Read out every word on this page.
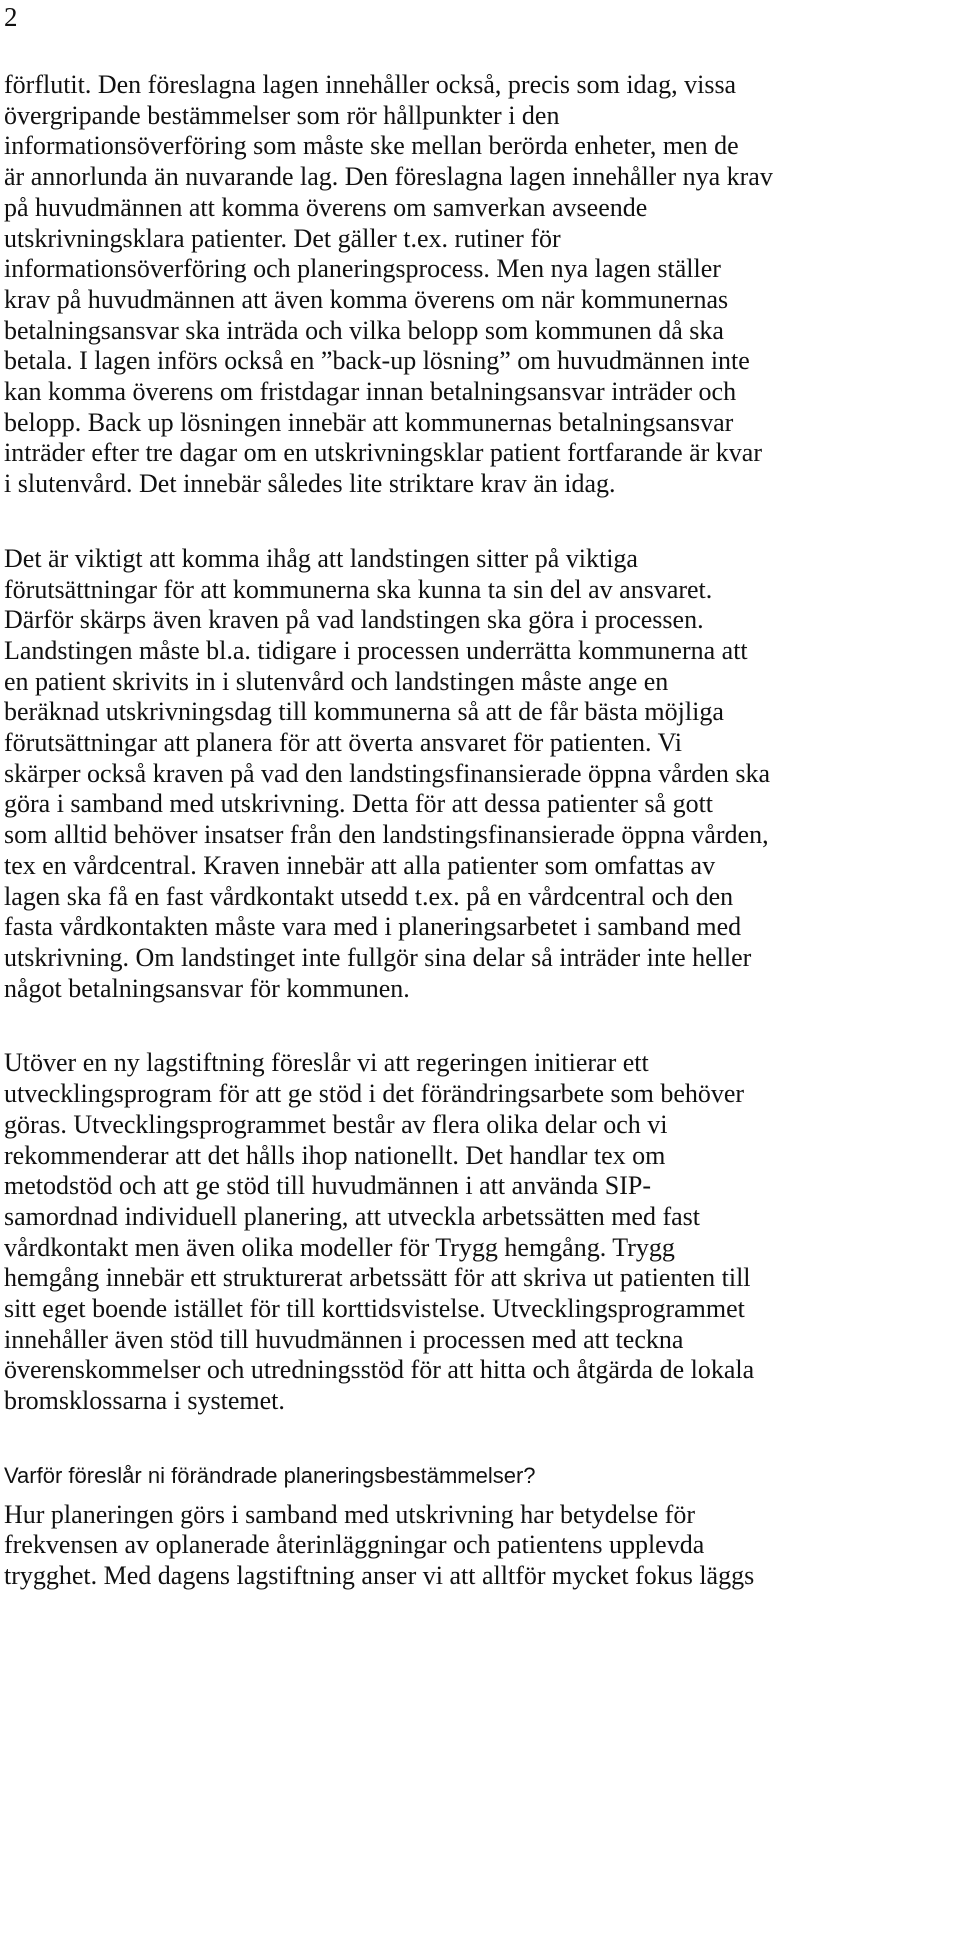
2
förflutit. Den föreslagna lagen innehåller också, precis som idag, vissa
övergripande bestämmelser som rör hållpunkter i den
informationsöverföring som måste ske mellan berörda enheter, men de
är annorlunda än nuvarande lag. Den föreslagna lagen innehåller nya krav
på huvudmännen att komma överens om samverkan avseende
utskrivningsklara patienter. Det gäller t.ex. rutiner för
informationsöverföring och planeringsprocess. Men nya lagen ställer
krav på huvudmännen att även komma överens om när kommunernas
betalningsansvar ska inträda och vilka belopp som kommunen då ska
betala. I lagen införs också en ”back-up lösning” om huvudmännen inte
kan komma överens om fristdagar innan betalningsansvar inträder och
belopp. Back up lösningen innebär att kommunernas betalningsansvar
inträder efter tre dagar om en utskrivningsklar patient fortfarande är kvar
i slutenvård. Det innebär således lite striktare krav än idag.
Det är viktigt att komma ihåg att landstingen sitter på viktiga
förutsättningar för att kommunerna ska kunna ta sin del av ansvaret.
Därför skärps även kraven på vad landstingen ska göra i processen.
Landstingen måste bl.a. tidigare i processen underrätta kommunerna att
en patient skrivits in i slutenvård och landstingen måste ange en
beräknad utskrivningsdag till kommunerna så att de får bästa möjliga
förutsättningar att planera för att överta ansvaret för patienten. Vi
skärper också kraven på vad den landstingsfinansierade öppna vården ska
göra i samband med utskrivning. Detta för att dessa patienter så gott
som alltid behöver insatser från den landstingsfinansierade öppna vården,
tex en vårdcentral. Kraven innebär att alla patienter som omfattas av
lagen ska få en fast vårdkontakt utsedd t.ex. på en vårdcentral och den
fasta vårdkontakten måste vara med i planeringsarbetet i samband med
utskrivning. Om landstinget inte fullgör sina delar så inträder inte heller
något betalningsansvar för kommunen.
Utöver en ny lagstiftning föreslår vi att regeringen initierar ett
utvecklingsprogram för att ge stöd i det förändringsarbete som behöver
göras. Utvecklingsprogrammet består av flera olika delar och vi
rekommenderar att det hålls ihop nationellt. Det handlar tex om
metodstöd och att ge stöd till huvudmännen i att använda SIP-
samordnad individuell planering, att utveckla arbetssätten med fast
vårdkontakt men även olika modeller för Trygg hemgång. Trygg
hemgång innebär ett strukturerat arbetssätt för att skriva ut patienten till
sitt eget boende istället för till korttidsvistelse. Utvecklingsprogrammet
innehåller även stöd till huvudmännen i processen med att teckna
överenskommelser och utredningsstöd för att hitta och åtgärda de lokala
bromsklossarna i systemet.
Varför föreslår ni förändrade planeringsbestämmelser?
Hur planeringen görs i samband med utskrivning har betydelse för
frekvensen av oplanerade återinläggningar och patientens upplevda
trygghet. Med dagens lagstiftning anser vi att alltför mycket fokus läggs
